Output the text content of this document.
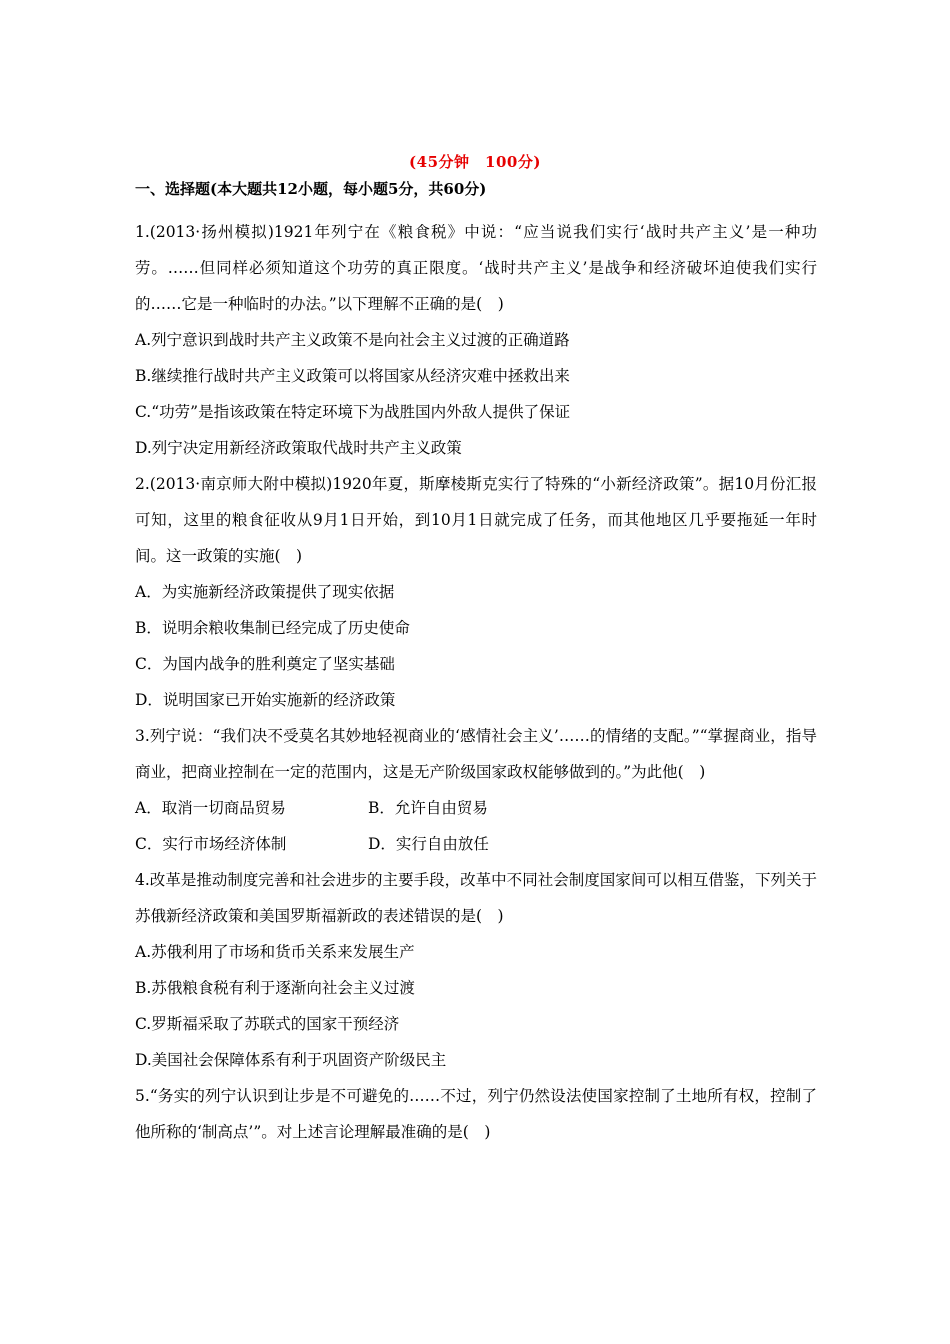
(45分钟　100分)
一、选择题(本大题共12小题，每小题5分，共60分)

1.(2013·扬州模拟)1921年列宁在《粮食税》中说：“应当说我们实行‘战时共产主义’是一种功劳。……但同样必须知道这个功劳的真正限度。‘战时共产主义’是战争和经济破坏迫使我们实行的……它是一种临时的办法。”以下理解不正确的是(　)

A.列宁意识到战时共产主义政策不是向社会主义过渡的正确道路

B.继续推行战时共产主义政策可以将国家从经济灾难中拯救出来

C.“功劳”是指该政策在特定环境下为战胜国内外敌人提供了保证

D.列宁决定用新经济政策取代战时共产主义政策

2.(2013·南京师大附中模拟)1920年夏，斯摩棱斯克实行了特殊的“小新经济政策”。据10月份汇报可知，这里的粮食征收从9月1日开始，到10月1日就完成了任务，而其他地区几乎要拖延一年时间。这一政策的实施(　)

A．为实施新经济政策提供了现实依据

B．说明余粮收集制已经完成了历史使命

C．为国内战争的胜利奠定了坚实基础

D．说明国家已开始实施新的经济政策

3.列宁说：“我们决不受莫名其妙地轻视商业的‘感情社会主义’……的情绪的支配。”“掌握商业，指导商业，把商业控制在一定的范围内，这是无产阶级国家政权能够做到的。”为此他(　)

A．取消一切商品贸易	B．允许自由贸易
C．实行市场经济体制	D．实行自由放任

4.改革是推动制度完善和社会进步的主要手段，改革中不同社会制度国家间可以相互借鉴，下列关于苏俄新经济政策和美国罗斯福新政的表述错误的是(　)

A.苏俄利用了市场和货币关系来发展生产

B.苏俄粮食税有利于逐渐向社会主义过渡

C.罗斯福采取了苏联式的国家干预经济

D.美国社会保障体系有利于巩固资产阶级民主

5.“务实的列宁认识到让步是不可避免的……不过，列宁仍然设法使国家控制了土地所有权，控制了他所称的‘制高点’”。对上述言论理解最准确的是(　)
